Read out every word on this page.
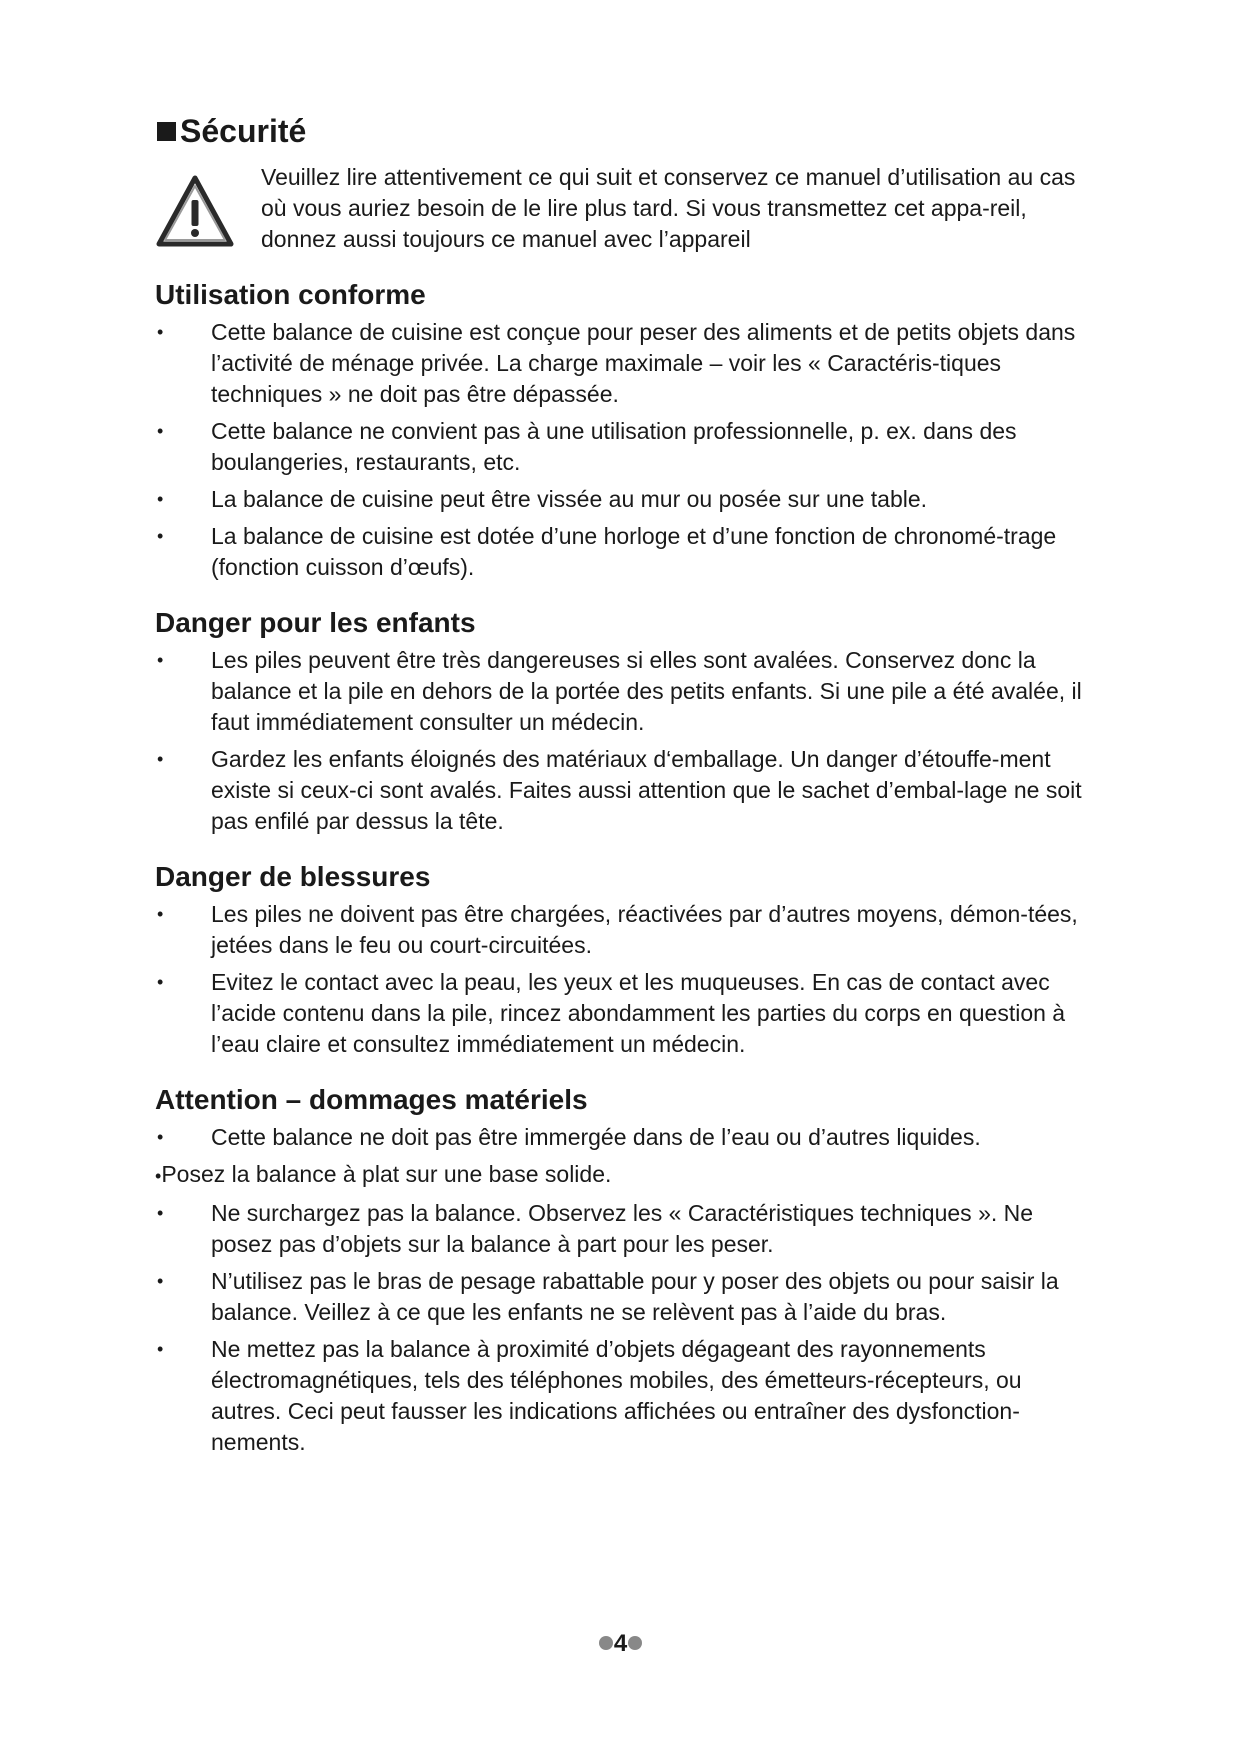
Sécurité
Veuillez lire attentivement ce qui suit et conservez ce manuel d’utilisation au cas où vous auriez besoin de le lire plus tard. Si vous transmettez cet appa-reil, donnez aussi toujours ce manuel avec l’appareil
Utilisation conforme
• Cette balance de cuisine est conçue pour peser des aliments et de petits objets dans l’activité de ménage privée. La charge maximale – voir les « Caractéris-tiques techniques » ne doit pas être dépassée.
• Cette balance ne convient pas à une utilisation professionnelle, p. ex. dans des boulangeries, restaurants, etc.
• La balance de cuisine peut être vissée au mur ou posée sur une table.
• La balance de cuisine est dotée d’une horloge et d’une fonction de chronomé-trage (fonction cuisson d’œufs).
Danger pour les enfants
• Les piles peuvent être très dangereuses si elles sont avalées. Conservez donc la balance et la pile en dehors de la portée des petits enfants. Si une pile a été avalée, il faut immédiatement consulter un médecin.
• Gardez les enfants éloignés des matériaux d‘emballage. Un danger d’étouffe-ment existe si ceux-ci sont avalés. Faites aussi attention que le sachet d’embal-lage ne soit pas enfilé par dessus la tête.
Danger de blessures
• Les piles ne doivent pas être chargées, réactivées par d’autres moyens, démon-tées, jetées dans le feu ou court-circuitées.
• Evitez le contact avec la peau, les yeux et les muqueuses. En cas de contact avec l’acide contenu dans la pile, rincez abondamment les parties du corps en question à l’eau claire et consultez immédiatement un médecin.
Attention – dommages matériels
• Cette balance ne doit pas être immergée dans de l’eau ou d’autres liquides.
•Posez la balance à plat sur une base solide.
• Ne surchargez pas la balance. Observez les « Caractéristiques techniques ». Ne posez pas d’objets sur la balance à part pour les peser.
• N’utilisez pas le bras de pesage rabattable pour y poser des objets ou pour saisir la balance. Veillez à ce que les enfants ne se relèvent pas à l’aide du bras.
• Ne mettez pas la balance à proximité d’objets dégageant des rayonnements électromagnétiques, tels des téléphones mobiles, des émetteurs-récepteurs, ou autres. Ceci peut fausser les indications affichées ou entraîner des dysfonction-nements.
4
